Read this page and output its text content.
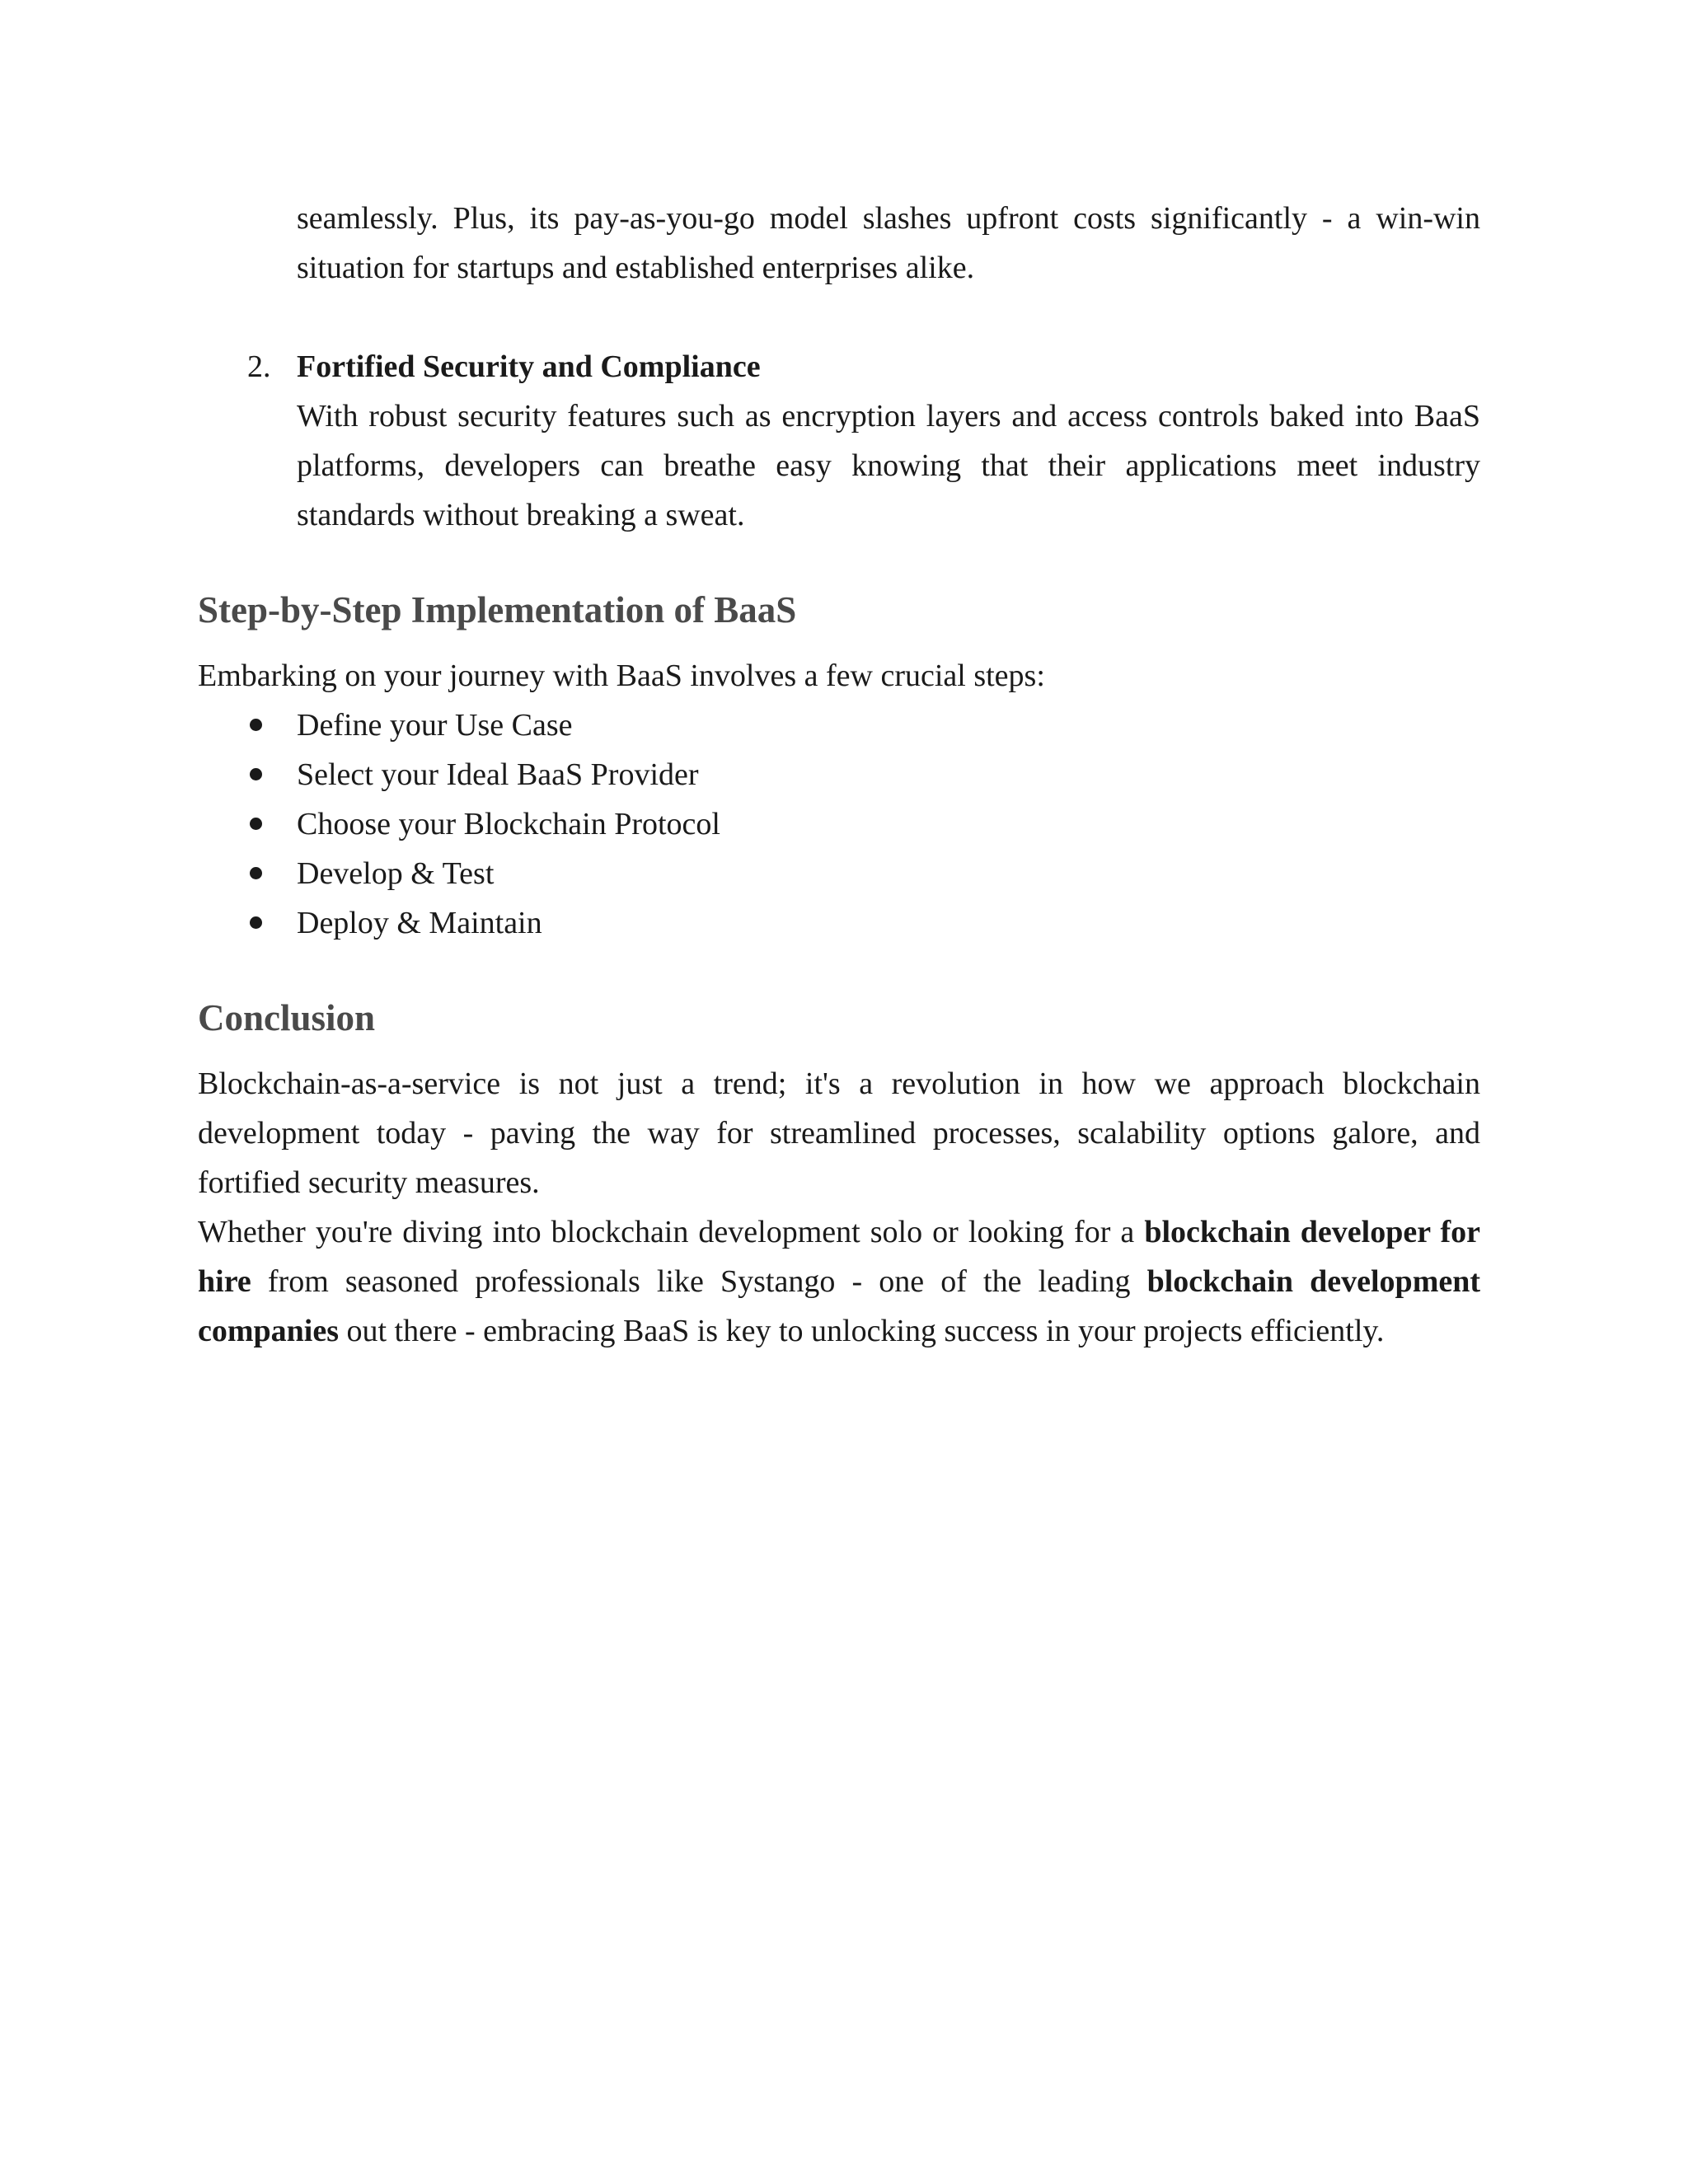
seamlessly. Plus, its pay-as-you-go model slashes upfront costs significantly - a win-win situation for startups and established enterprises alike.

2. Fortified Security and Compliance

With robust security features such as encryption layers and access controls baked into BaaS platforms, developers can breathe easy knowing that their applications meet industry standards without breaking a sweat.

Step-by-Step Implementation of BaaS

Embarking on your journey with BaaS involves a few crucial steps:

Define your Use Case
Select your Ideal BaaS Provider
Choose your Blockchain Protocol
Develop & Test
Deploy & Maintain
Conclusion

Blockchain-as-a-service is not just a trend; it's a revolution in how we approach blockchain development today - paving the way for streamlined processes, scalability options galore, and fortified security measures.

Whether you're diving into blockchain development solo or looking for a blockchain developer for hire from seasoned professionals like Systango - one of the leading blockchain development companies out there - embracing BaaS is key to unlocking success in your projects efficiently.
